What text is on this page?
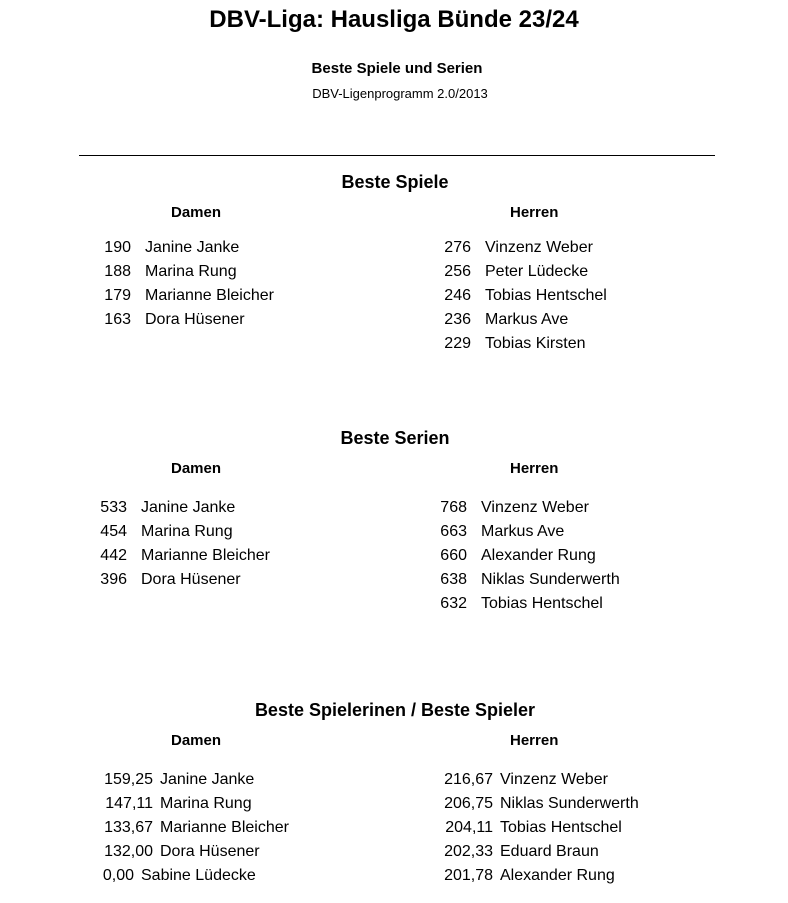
DBV-Liga: Hausliga Bünde 23/24
Beste Spiele und Serien
DBV-Ligenprogramm 2.0/2013
Beste Spiele
Damen	Herren
190 Janine Janke
188 Marina Rung
179 Marianne Bleicher
163 Dora Hüsener
276 Vinzenz Weber
256 Peter Lüdecke
246 Tobias Hentschel
236 Markus Ave
229 Tobias Kirsten
Beste Serien
Damen	Herren
533 Janine Janke
454 Marina Rung
442 Marianne Bleicher
396 Dora Hüsener
768 Vinzenz Weber
663 Markus Ave
660 Alexander Rung
638 Niklas Sunderwerth
632 Tobias Hentschel
Beste Spielerinen / Beste Spieler
Damen	Herren
159,25 Janine Janke
147,11 Marina Rung
133,67 Marianne Bleicher
132,00 Dora Hüsener
0,00 Sabine Lüdecke
216,67 Vinzenz Weber
206,75 Niklas Sunderwerth
204,11 Tobias Hentschel
202,33 Eduard Braun
201,78 Alexander Rung
